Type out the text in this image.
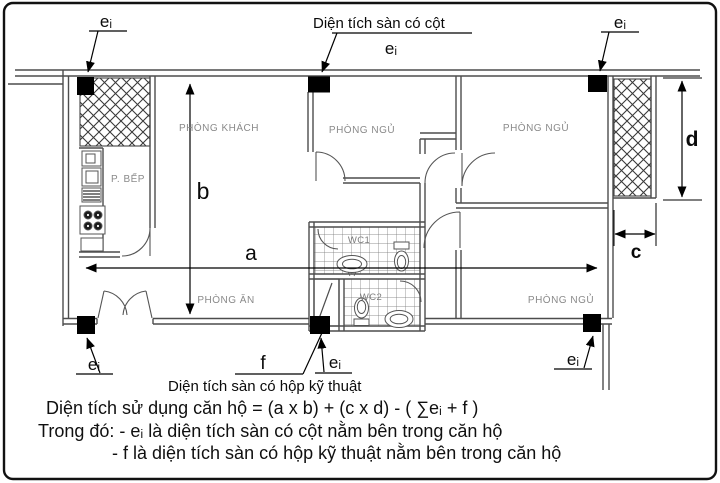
PHÒNG KHÁCH	PHÒNG NGỦ	PHÒNG NGỦ
PHÒNG NGỦ
P. BẾP
PHÒNG ĂN
WC1
WC2
a
b
c
d
f
eᵢ
eᵢ
eᵢ
eᵢ	eᵢ	eᵢ
Diện tích sàn có cột
Diện tích sàn có hộp kỹ thuật
Diện tích sử dụng căn hộ = (a x b) + (c x d) - ( ∑eᵢ + f )
Trong đó: - eᵢ là diện tích sàn có cột nằm bên trong căn hộ
- f là diện tích sàn có hộp kỹ thuật nằm bên trong căn hộ
